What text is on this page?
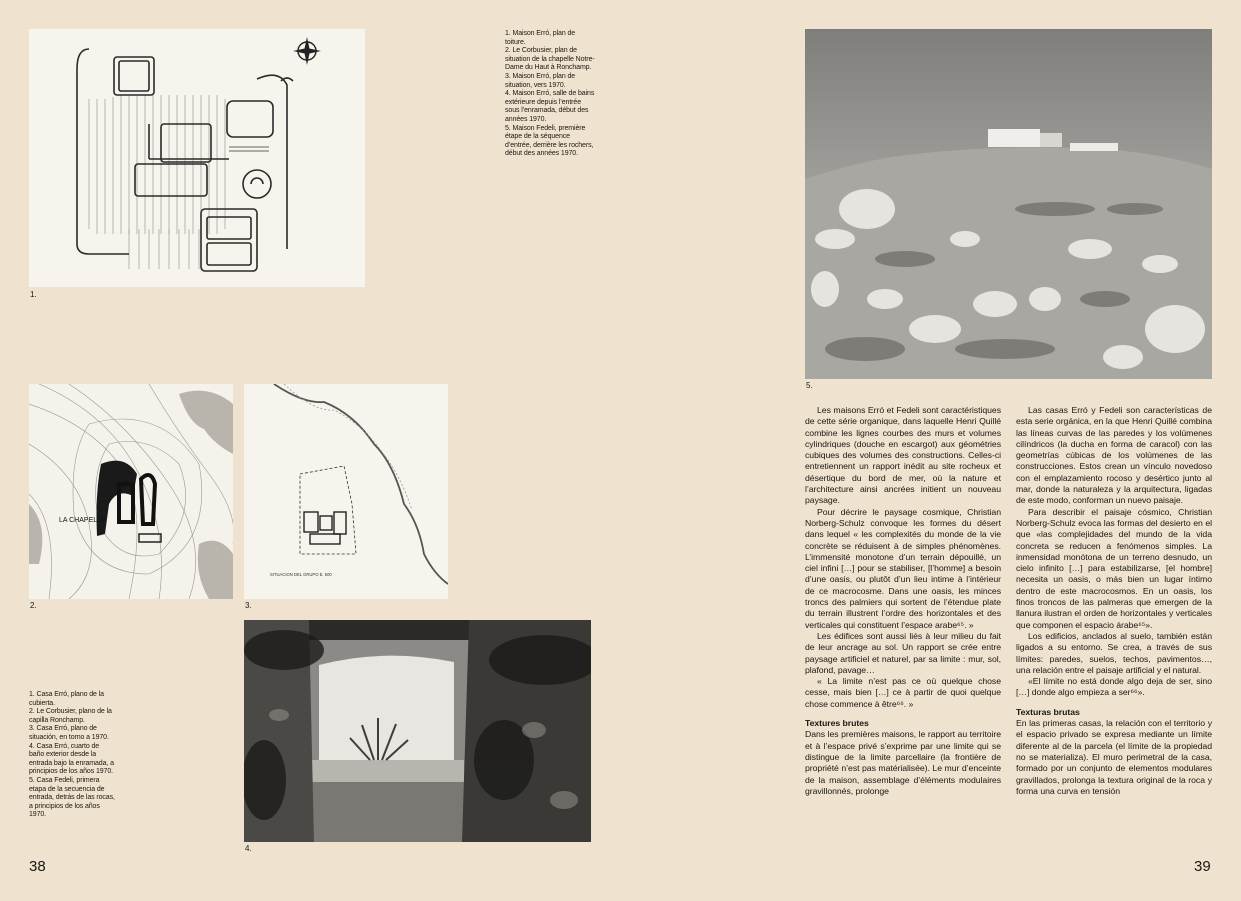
1.

1. Maison Erró, plan de toiture.

2. Le Corbusier, plan de situation de la chapelle Notre-Dame du Haut à Ronchamp.

3. Maison Erró, plan de situation, vers 1970.

4. Maison Erró, salle de bains extérieure depuis l’entrée sous l’enramada, début des années 1970.

5. Maison Fedeli, première étape de la séquence d’entrée, derrière les rochers, début des années 1970.

LA CHAPELLE
2.
SITUACION DEL GRUPO E. 500
3.

1. Casa Erró, plano de la cubierta.

2. Le Corbusier, plano de la capilla Ronchamp.

3. Casa Erró, plano de situación, en torno a 1970.

4. Casa Erró, cuarto de baño exterior desde la entrada bajo la enramada, a principios de los años 1970.

5. Casa Fedeli, primera etapa de la secuencia de entrada, detrás de las rocas, a principios de los años 1970.

4.
38
5.

Les maisons Erró et Fedeli sont caractéristiques de cette série organique, dans laquelle Henri Quillé combine les lignes courbes des murs et volumes cylindriques (douche en escargot) aux géométries cubiques des volumes des constructions. Celles-ci entretiennent un rapport inédit au site rocheux et désertique du bord de mer, où la nature et l’architecture ainsi ancrées initient un nouveau paysage.

Pour décrire le paysage cosmique, Christian Norberg-Schulz convoque les formes du désert dans lequel « les complexités du monde de la vie concrète se réduisent à de simples phénomènes. L’immensité monotone d’un terrain dépouillé, un ciel infini […] pour se stabiliser, [l’homme] a besoin d’une oasis, ou plutôt d’un lieu intime à l’intérieur de ce macrocosme. Dans une oasis, les minces troncs des palmiers qui sortent de l’étendue plate du terrain illustrent l’ordre des horizontales et des verticales qui constituent l’espace arabe⁶⁵. »

Les édifices sont aussi liés à leur milieu du fait de leur ancrage au sol. Un rapport se crée entre paysage artificiel et naturel, par sa limite : mur, sol, plafond, pavage…

« La limite n’est pas ce où quelque chose cesse, mais bien […] ce à partir de quoi quelque chose commence à être⁶⁶. »

Textures brutes

Dans les premières maisons, le rapport au territoire et à l’espace privé s’exprime par une limite qui se distingue de la limite parcellaire (la frontière de propriété n’est pas matérialisée). Le mur d’enceinte de la maison, assemblage d’éléments modulaires gravillonnés, prolonge

Las casas Erró y Fedeli son características de esta serie orgánica, en la que Henri Quillé combina las líneas curvas de las paredes y los volúmenes cilíndricos (la ducha en forma de caracol) con las geometrías cúbicas de los volúmenes de las construcciones. Estos crean un vínculo novedoso con el emplazamiento rocoso y desértico junto al mar, donde la naturaleza y la arquitectura, ligadas de este modo, conforman un nuevo paisaje.

Para describir el paisaje cósmico, Christian Norberg-Schulz evoca las formas del desierto en el que «las complejidades del mundo de la vida concreta se reducen a fenómenos simples. La inmensidad monótona de un terreno desnudo, un cielo infinito […] para estabilizarse, [el hombre] necesita un oasis, o más bien un lugar íntimo dentro de este macrocosmos. En un oasis, los finos troncos de las palmeras que emergen de la llanura ilustran el orden de horizontales y verticales que componen el espacio árabe⁶⁵».

Los edificios, anclados al suelo, también están ligados a su entorno. Se crea, a través de sus límites: paredes, suelos, techos, pavimentos…, una relación entre el paisaje artificial y el natural.

«El límite no está donde algo deja de ser, sino […] donde algo empieza a ser⁶⁶».

Texturas brutas

En las primeras casas, la relación con el territorio y el espacio privado se expresa mediante un límite diferente al de la parcela (el límite de la propiedad no se materializa). El muro perimetral de la casa, formado por un conjunto de elementos modulares gravillados, prolonga la textura original de la roca y forma una curva en tensión

39
